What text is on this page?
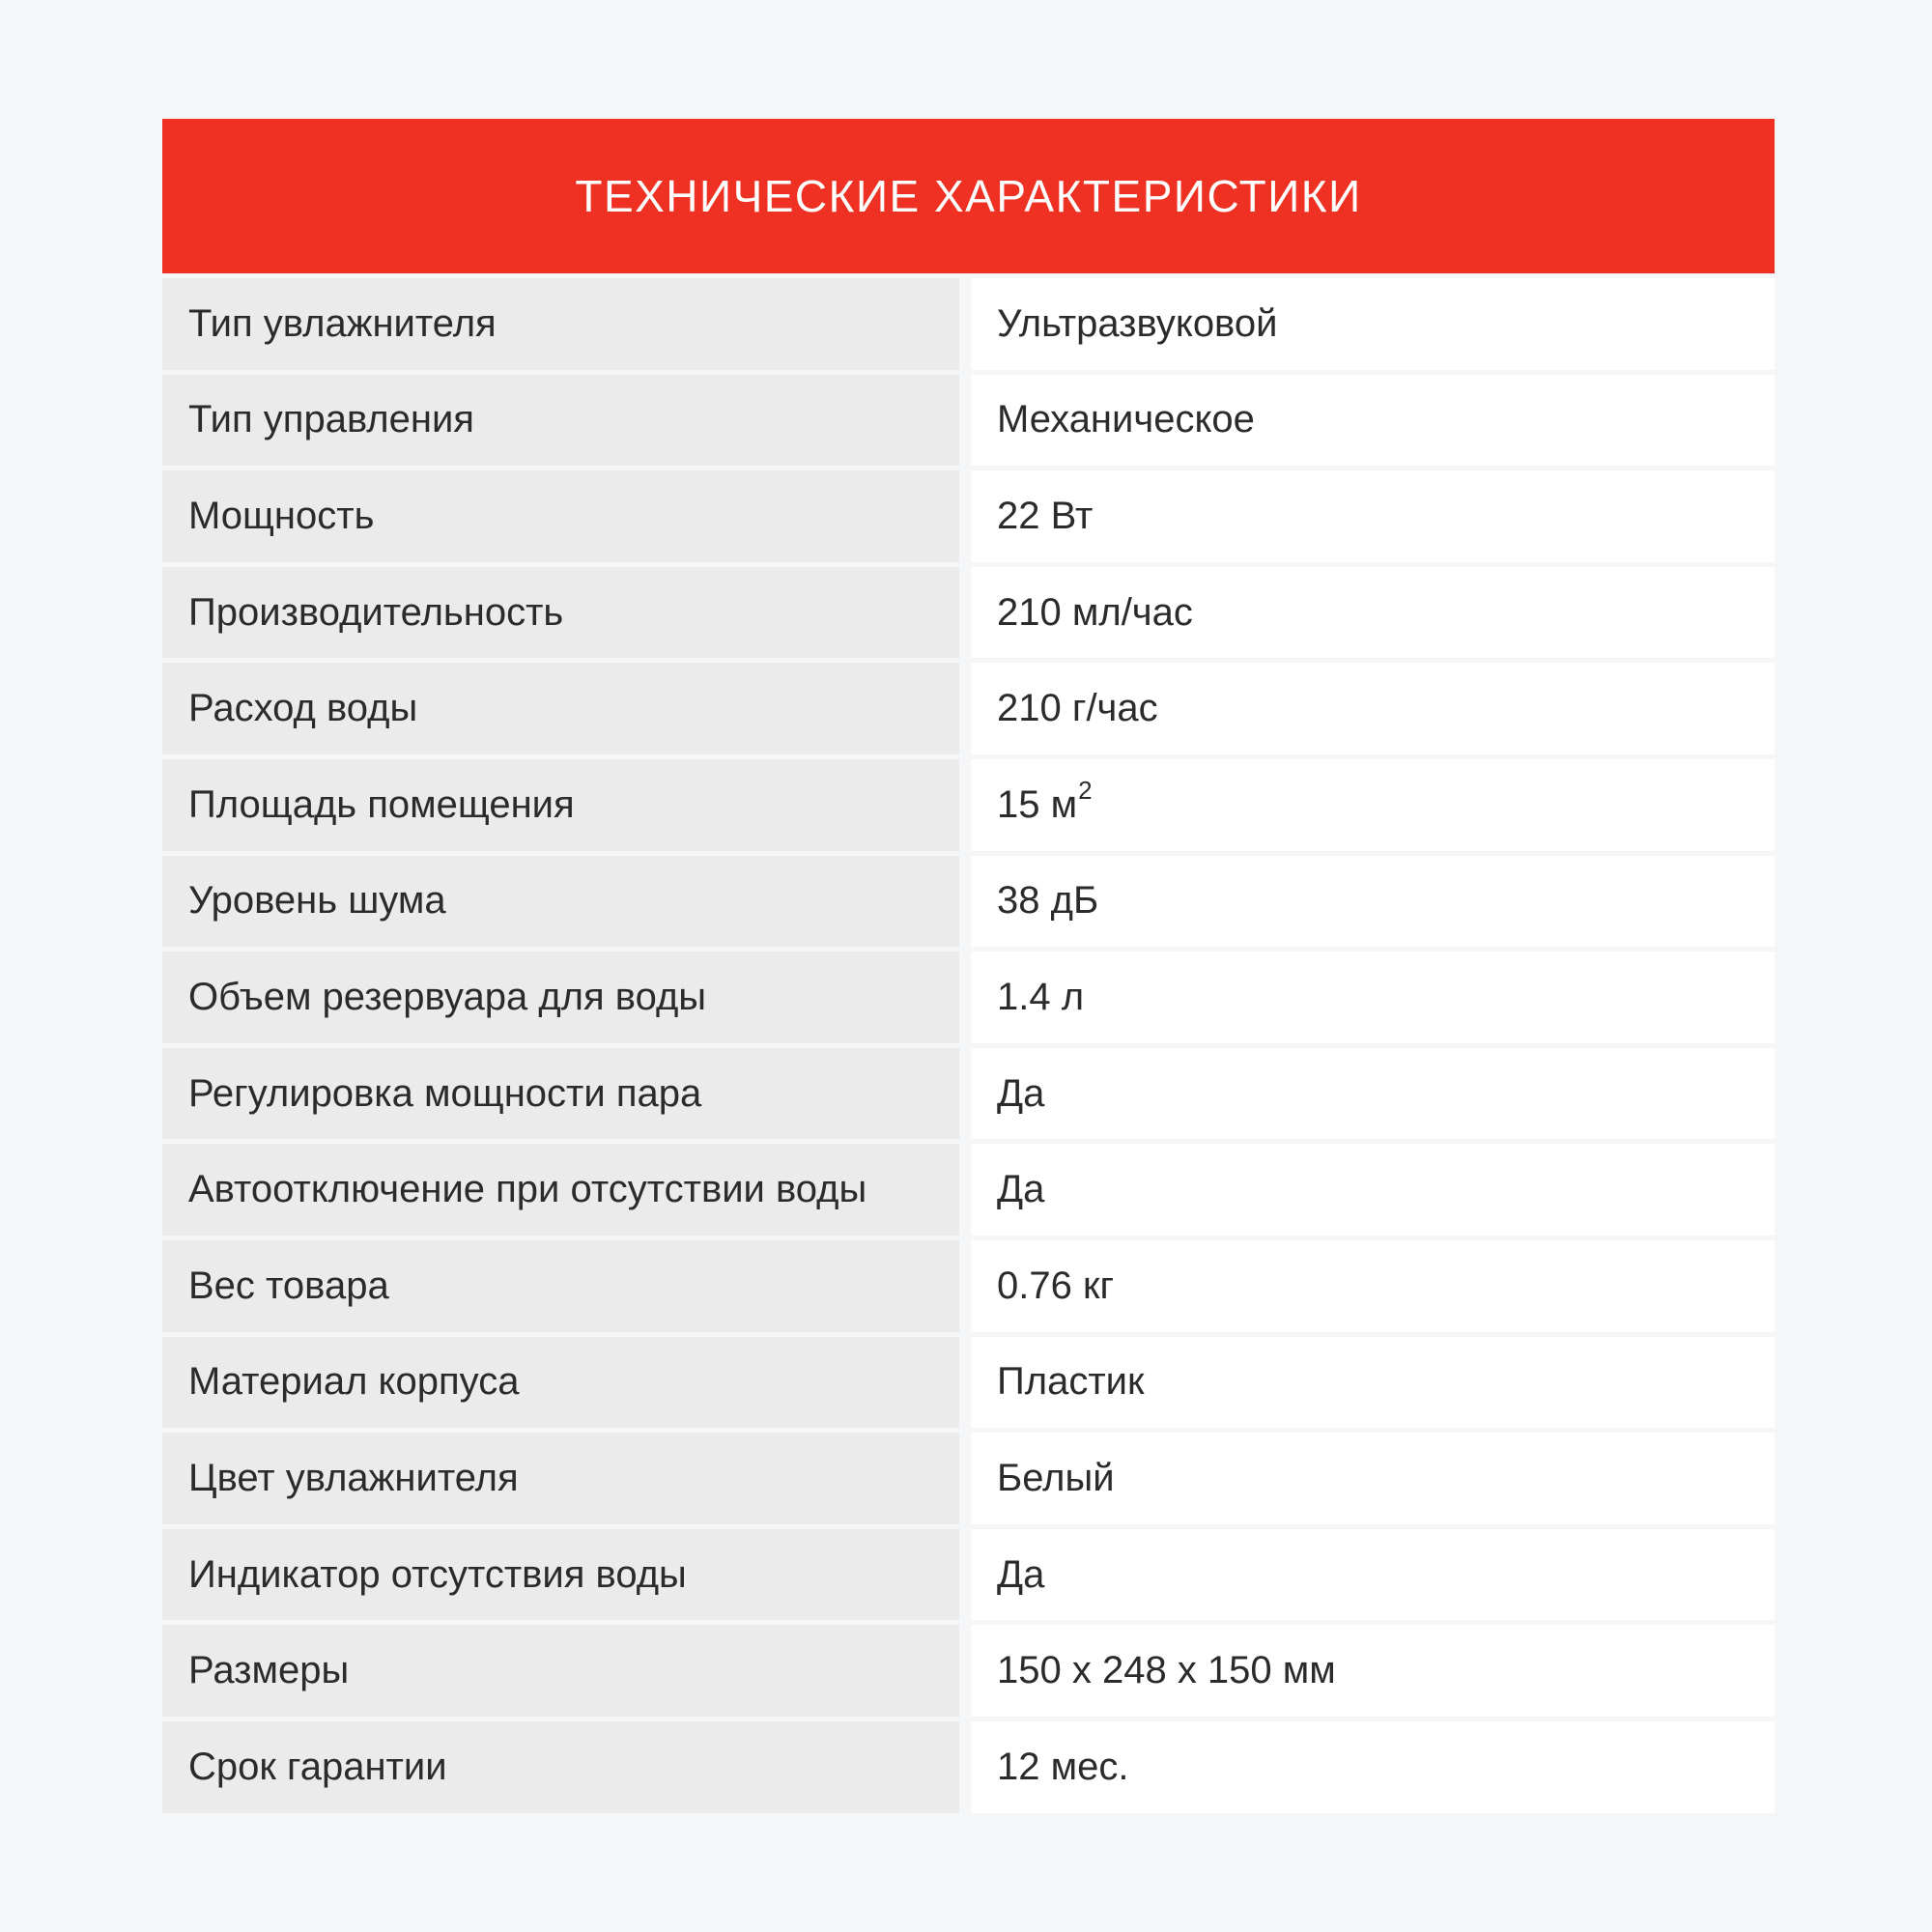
ТЕХНИЧЕСКИЕ ХАРАКТЕРИСТИКИ
Тип увлажнителя	Ультразвуковой
Тип управления	Механическое
Мощность	22 Вт
Производительность	210 мл/час
Расход воды	210 г/час
Площадь помещения	15 $м^2$
Уровень шума	38 дБ
Объем резервуара для воды	1.4 л
Регулировка мощности пара	Да
Автоотключение при отсутствии воды	Да
Вес товара	0.76 кг
Материал корпуса	Пластик
Цвет увлажнителя	Белый
Индикатор отсутствия воды	Да
Размеры	150 x 248 x 150 мм
Срок гарантии	12 мес.
